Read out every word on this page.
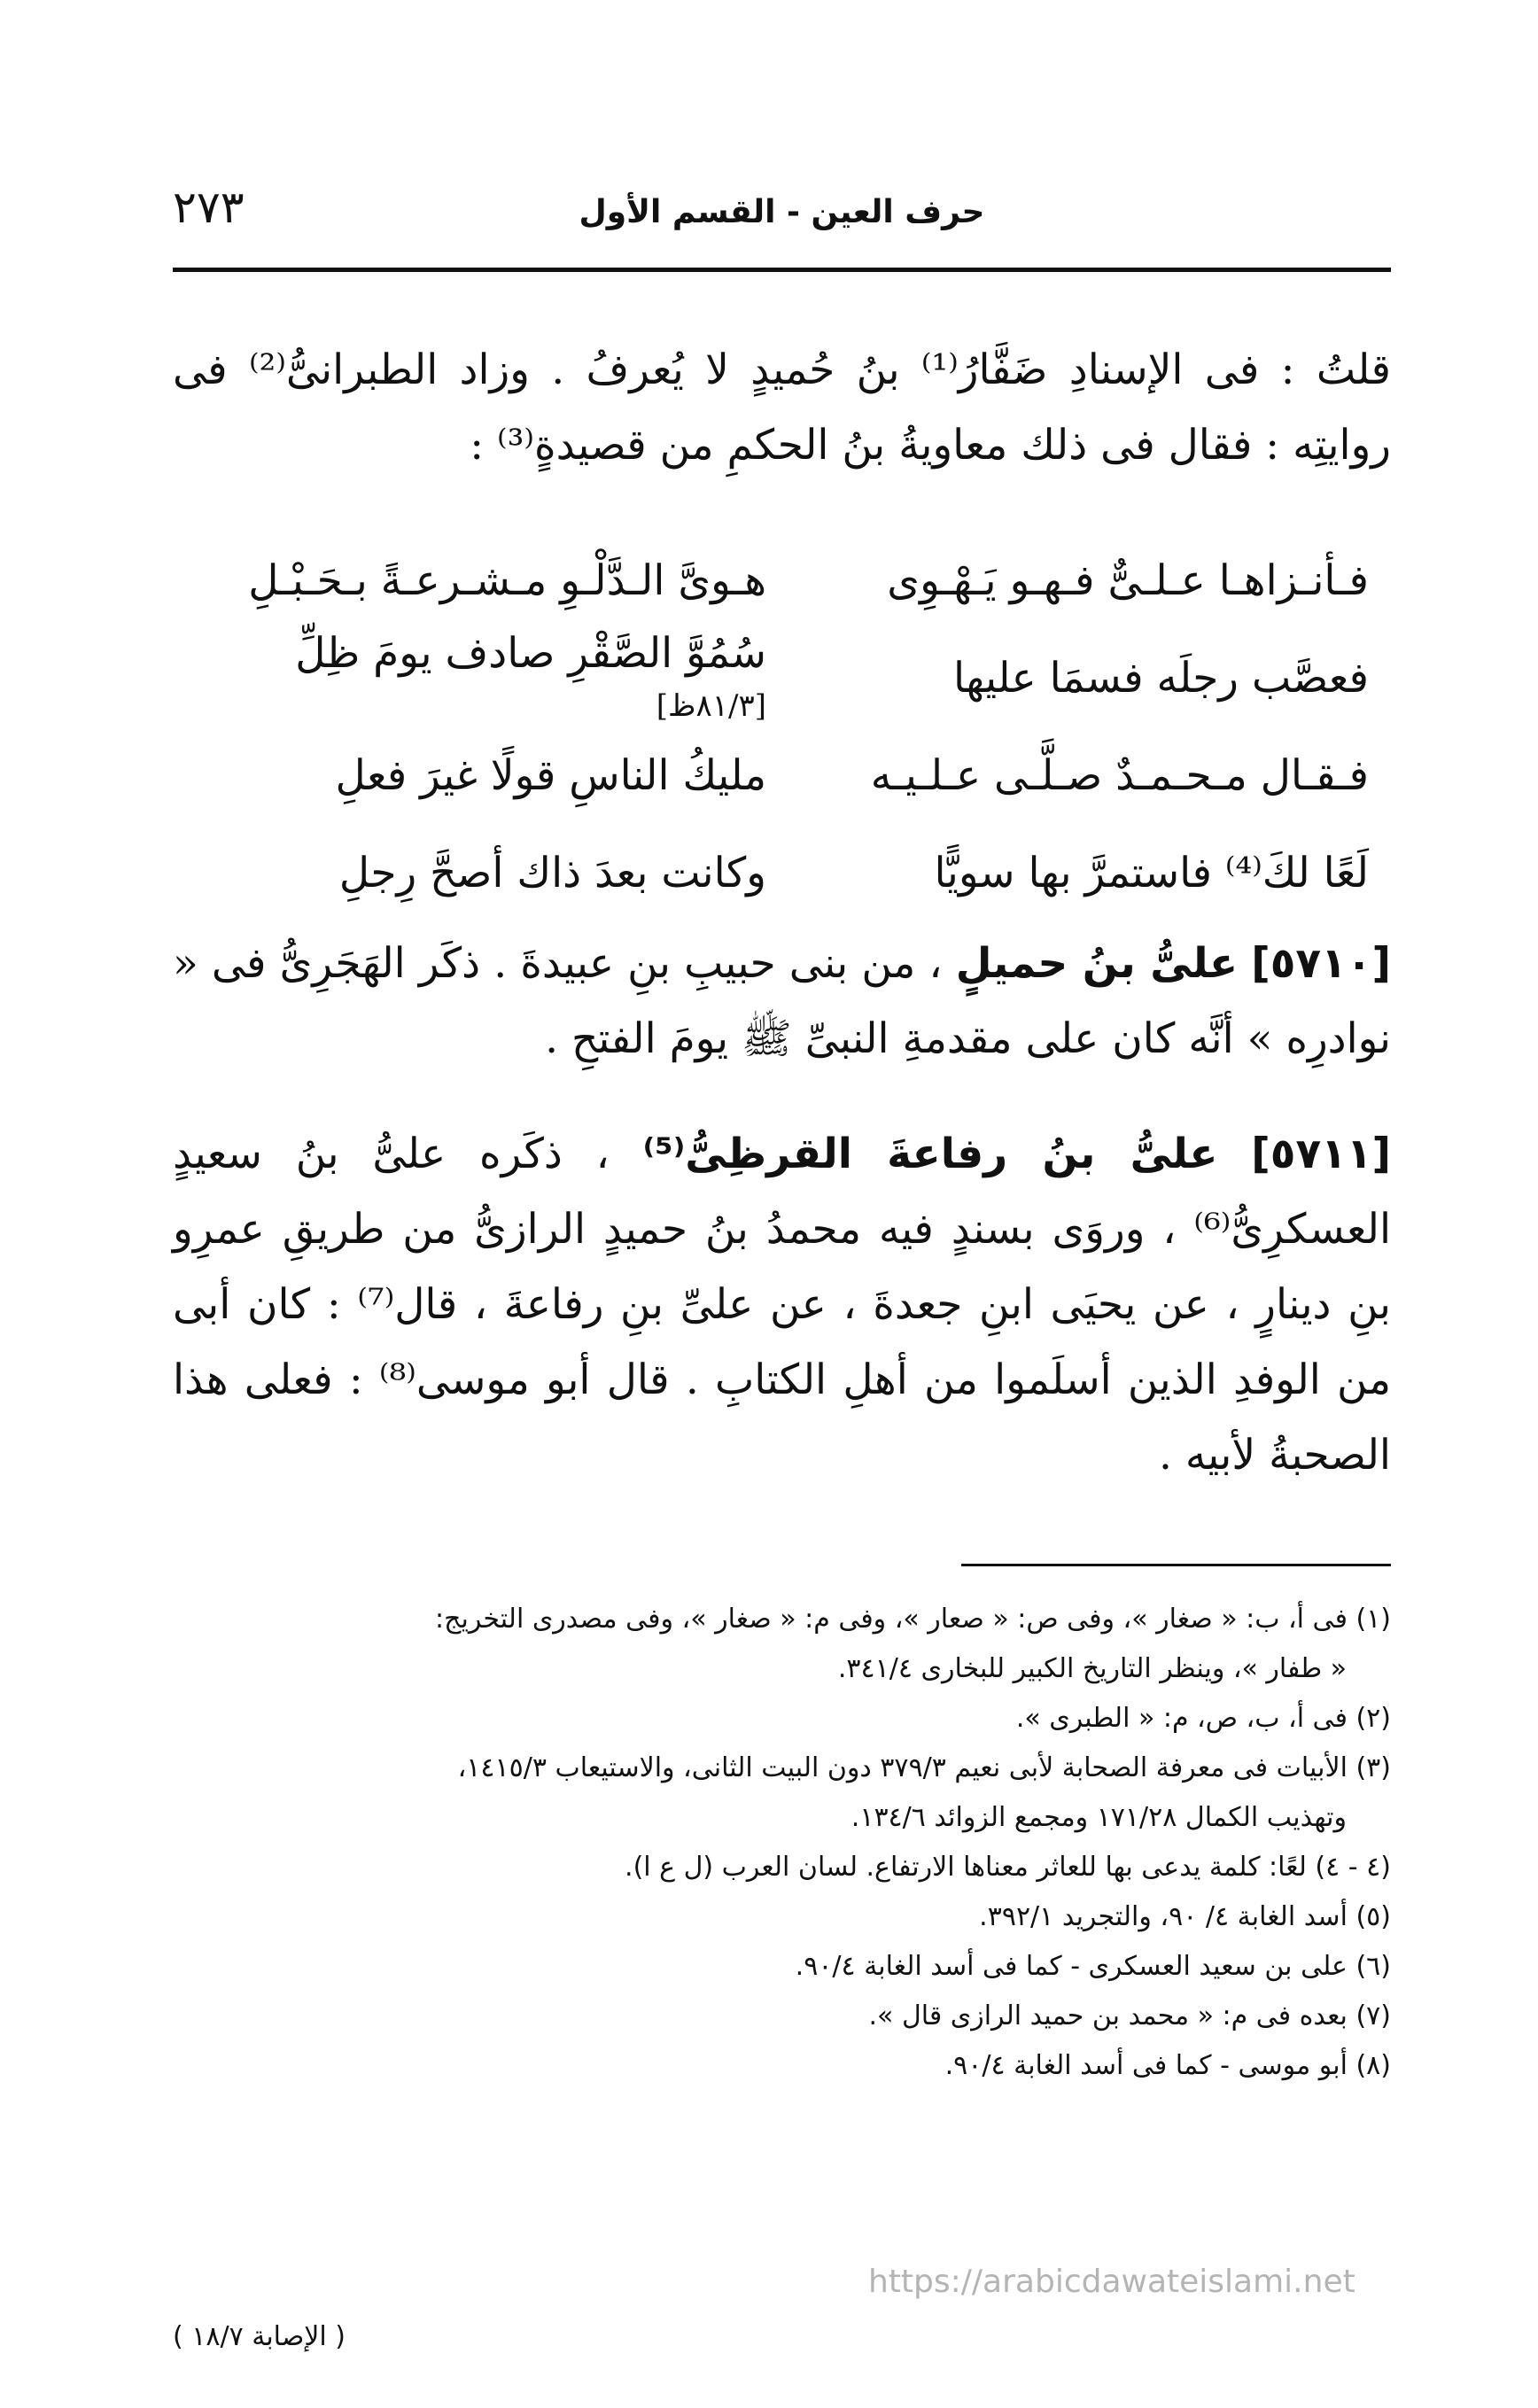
حرف العين - القسم الأول
٢٧٣
قلتُ : فى الإسنادِ ضَفَّارُ⁽¹⁾ بنُ حُميدٍ لا يُعرفُ . وزاد الطبرانىُّ⁽²⁾ فى روايتِه : فقال فى ذلك معاويةُ بنُ الحكمِ من قصيدةٍ⁽³⁾ :
فـأنـزاهـا عـلـىٌّ فـهـو يَـهْـوِى
هـوىَّ الـدَّلْـوِ مـشـرعـةً بـحَـبْـلِ
فعصَّب رجلَه فسمَا عليها
سُمُوَّ الصَّقْرِ صادف يومَ ظِلِّ [٨١/٣ظ]
فـقـال مـحـمـدٌ صـلَّـى عـلـيـه
مليكُ الناسِ قولًا غيرَ فعلِ
لَعًا لكَ⁽⁴⁾ فاستمرَّ بها سويًّا
وكانت بعدَ ذاك أصحَّ رِجلِ
[٥٧١٠] علىُّ بنُ حميلٍ ، من بنى حبيبِ بنِ عبيدةَ . ذكَر الهَجَرِىُّ فى « نوادرِه » أنَّه كان على مقدمةِ النبىِّ ﷺ يومَ الفتحِ .
[٥٧١١] علىُّ بنُ رفاعةَ القرظِىُّ⁽⁵⁾ ، ذكَره علىُّ بنُ سعيدٍ العسكرِىُّ⁽⁶⁾ ، وروَى بسندٍ فيه محمدُ بنُ حميدٍ الرازىُّ من طريقِ عمرِو بنِ دينارٍ ، عن يحيَى ابنِ جعدةَ ، عن علىِّ بنِ رفاعةَ ، قال⁽⁷⁾ : كان أبى من الوفدِ الذين أسلَموا من أهلِ الكتابِ . قال أبو موسى⁽⁸⁾ : فعلى هذا الصحبةُ لأبيه .

(١) فى أ، ب: « صغار »، وفى ص: « صعار »، وفى م: « صغار »، وفى مصدرى التخريج:
« طفار »، وينظر التاريخ الكبير للبخارى ٣٤١/٤.

(٢) فى أ، ب، ص، م: « الطبرى ».

(٣) الأبيات فى معرفة الصحابة لأبى نعيم ٣٧٩/٣ دون البيت الثانى، والاستيعاب ١٤١٥/٣،
وتهذيب الكمال ١٧١/٢٨ ومجمع الزوائد ١٣٤/٦.

(٤ - ٤) لعًا: كلمة يدعى بها للعاثر معناها الارتفاع. لسان العرب (ل ع ا).

(٥) أسد الغابة ٤/ ٩٠، والتجريد ٣٩٢/١.

(٦) على بن سعيد العسكرى - كما فى أسد الغابة ٩٠/٤.

(٧) بعده فى م: « محمد بن حميد الرازى قال ».

(٨) أبو موسى - كما فى أسد الغابة ٩٠/٤.

https://arabicdawateislami.net
( الإصابة ١٨/٧ )
